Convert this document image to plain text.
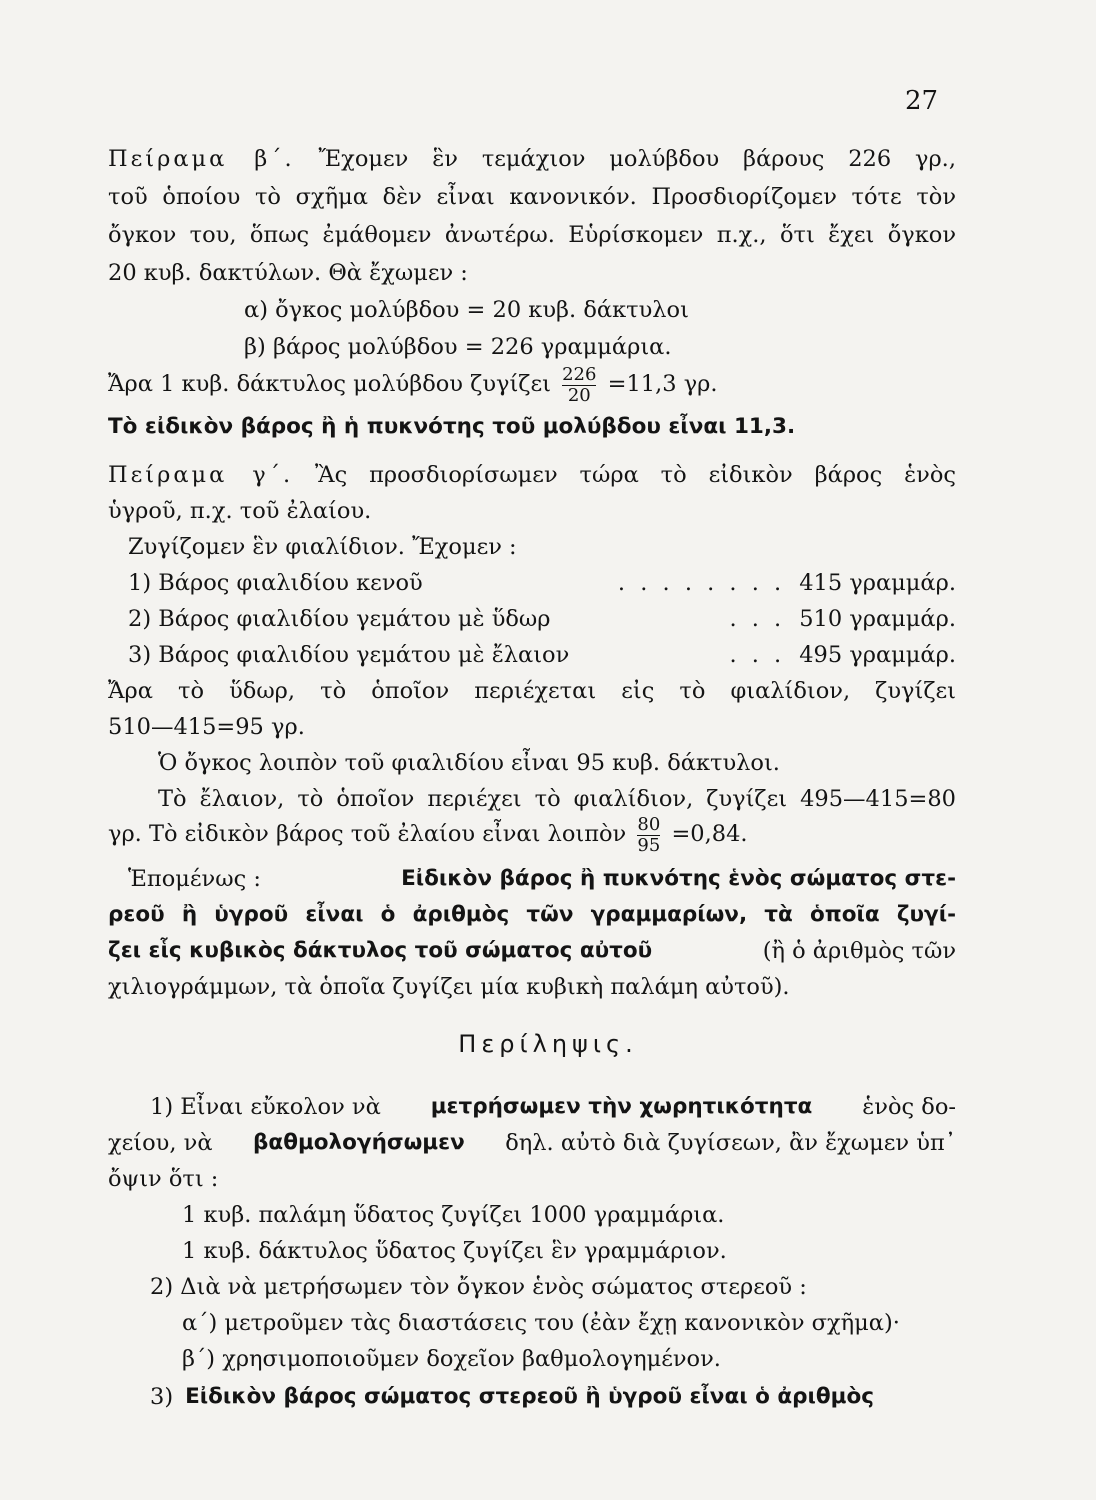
27
Πείραμα β΄. Ἔχομεν ἓν τεμάχιον μολύβδου βάρους 226 γρ.,
τοῦ ὁποίου τὸ σχῆμα δὲν εἶναι κανονικόν. Προσδιορίζομεν τότε τὸν
ὄγκον του, ὅπως ἐμάθομεν ἀνωτέρω. Εὑρίσκομεν π.χ., ὅτι ἔχει ὄγκον
20 κυβ. δακτύλων. Θὰ ἔχωμεν :
α) ὄγκος μολύβδου = 20 κυβ. δάκτυλοι
β) βάρος μολύβδου = 226 γραμμάρια.
Ἄρα 1 κυβ. δάκτυλος μολύβδου ζυγίζει $\frac{226}{20} =11,3$ γρ.
Τὸ εἰδικὸν βάρος ἢ ἡ πυκνότης τοῦ μολύβδου εἶναι 11,3.
Πείραμα γ΄. Ἂς προσδιορίσωμεν τώρα τὸ εἰδικὸν βάρος ἑνὸς
ὑγροῦ, π.χ. τοῦ ἐλαίου.
Ζυγίζομεν ἓν φιαλίδιον. Ἔχομεν :
1) Βάρος φιαλιδίου κενοῦ	. . . . . . . . 415 γραμμάρ.
2) Βάρος φιαλιδίου γεμάτου μὲ ὕδωρ	. . . 510 γραμμάρ.
3) Βάρος φιαλιδίου γεμάτου μὲ ἔλαιον	. . . 495 γραμμάρ.
Ἄρα τὸ ὕδωρ, τὸ ὁποῖον περιέχεται εἰς τὸ φιαλίδιον, ζυγίζει
510—415=95 γρ.
Ὁ ὄγκος λοιπὸν τοῦ φιαλιδίου εἶναι 95 κυβ. δάκτυλοι.
Τὸ ἔλαιον, τὸ ὁποῖον περιέχει τὸ φιαλίδιον, ζυγίζει 495—415=80
γρ. Τὸ εἰδικὸν βάρος τοῦ ἐλαίου εἶναι λοιπὸν $\frac{80}{95} =0,84$.
Ἑπομένως :	Εἰδικὸν βάρος ἢ πυκνότης ἑνὸς σώματος στε-
ρεοῦ ἢ ὑγροῦ εἶναι ὁ ἀριθμὸς τῶν γραμμαρίων, τὰ ὁποῖα ζυγί-
ζει εἷς κυβικὸς δάκτυλος τοῦ σώματος αὐτοῦ	(ἢ ὁ ἀριθμὸς τῶν
χιλιογράμμων, τὰ ὁποῖα ζυγίζει μία κυβικὴ παλάμη αὐτοῦ).
Περίληψις.
1) Εἶναι εὔκολον νὰ μετρήσωμεν τὴν χωρητικότητα ἑνὸς δο-
χείου, νὰ βαθμολογήσωμεν δηλ. αὐτὸ διὰ ζυγίσεων, ἂν ἔχωμεν ὑπ᾿
ὄψιν ὅτι :
1 κυβ. παλάμη ὕδατος ζυγίζει 1000 γραμμάρια.
1 κυβ. δάκτυλος ὕδατος ζυγίζει ἓν γραμμάριον.
2) Διὰ νὰ μετρήσωμεν τὸν ὄγκον ἑνὸς σώματος στερεοῦ :
α΄) μετροῦμεν τὰς διαστάσεις του (ἐὰν ἔχῃ κανονικὸν σχῆμα)·
β΄) χρησιμοποιοῦμεν δοχεῖον βαθμολογημένον.
3) Εἰδικὸν βάρος σώματος στερεοῦ ἢ ὑγροῦ εἶναι ὁ ἀριθμὸς
